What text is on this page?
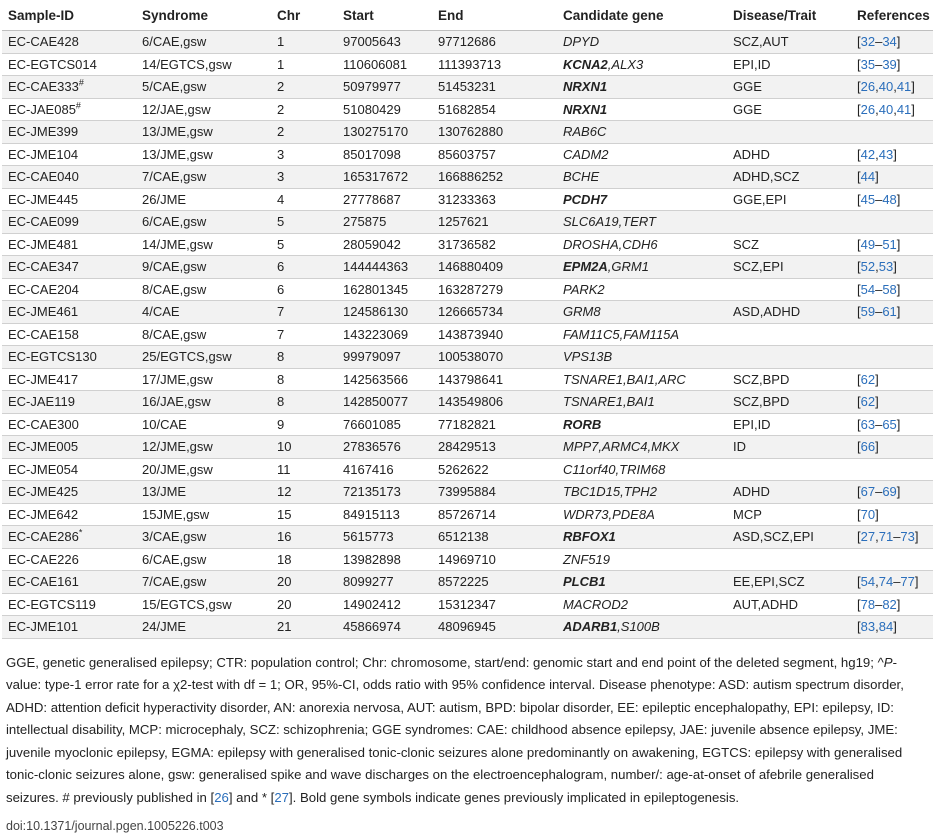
Sample-ID	Syndrome	Chr	Start	End	Candidate gene	Disease/Trait	References
EC-CAE428	6/CAE,gsw	1	97005643	97712686	DPYD	SCZ,AUT	[32–34]
EC-EGTCS014	14/EGTCS,gsw	1	110606081	111393713	KCNA2,ALX3	EPI,ID	[35–39]
EC-CAE333#	5/CAE,gsw	2	50979977	51453231	NRXN1	GGE	[26,40,41]
EC-JAE085#	12/JAE,gsw	2	51080429	51682854	NRXN1	GGE	[26,40,41]
EC-JME399	13/JME,gsw	2	130275170	130762880	RAB6C		
EC-JME104	13/JME,gsw	3	85017098	85603757	CADM2	ADHD	[42,43]
EC-CAE040	7/CAE,gsw	3	165317672	166886252	BCHE	ADHD,SCZ	[44]
EC-JME445	26/JME	4	27778687	31233363	PCDH7	GGE,EPI	[45–48]
EC-CAE099	6/CAE,gsw	5	275875	1257621	SLC6A19,TERT		
EC-JME481	14/JME,gsw	5	28059042	31736582	DROSHA,CDH6	SCZ	[49–51]
EC-CAE347	9/CAE,gsw	6	144444363	146880409	EPM2A,GRM1	SCZ,EPI	[52,53]
EC-CAE204	8/CAE,gsw	6	162801345	163287279	PARK2		[54–58]
EC-JME461	4/CAE	7	124586130	126665734	GRM8	ASD,ADHD	[59–61]
EC-CAE158	8/CAE,gsw	7	143223069	143873940	FAM11C5,FAM115A		
EC-EGTCS130	25/EGTCS,gsw	8	99979097	100538070	VPS13B		
EC-JME417	17/JME,gsw	8	142563566	143798641	TSNARE1,BAI1,ARC	SCZ,BPD	[62]
EC-JAE119	16/JAE,gsw	8	142850077	143549806	TSNARE1,BAI1	SCZ,BPD	[62]
EC-CAE300	10/CAE	9	76601085	77182821	RORB	EPI,ID	[63–65]
EC-JME005	12/JME,gsw	10	27836576	28429513	MPP7,ARMC4,MKX	ID	[66]
EC-JME054	20/JME,gsw	11	4167416	5262622	C11orf40,TRIM68		
EC-JME425	13/JME	12	72135173	73995884	TBC1D15,TPH2	ADHD	[67–69]
EC-JME642	15JME,gsw	15	84915113	85726714	WDR73,PDE8A	MCP	[70]
EC-CAE286*	3/CAE,gsw	16	5615773	6512138	RBFOX1	ASD,SCZ,EPI	[27,71–73]
EC-CAE226	6/CAE,gsw	18	13982898	14969710	ZNF519		
EC-CAE161	7/CAE,gsw	20	8099277	8572225	PLCB1	EE,EPI,SCZ	[54,74–77]
EC-EGTCS119	15/EGTCS,gsw	20	14902412	15312347	MACROD2	AUT,ADHD	[78–82]
EC-JME101	24/JME	21	45866974	48096945	ADARB1,S100B		[83,84]
GGE, genetic generalised epilepsy; CTR: population control; Chr: chromosome, start/end: genomic start and end point of the deleted segment, hg19; ^P-value: type-1 error rate for a χ2-test with df = 1; OR, 95%-CI, odds ratio with 95% confidence interval. Disease phenotype: ASD: autism spectrum disorder, ADHD: attention deficit hyperactivity disorder, AN: anorexia nervosa, AUT: autism, BPD: bipolar disorder, EE: epileptic encephalopathy, EPI: epilepsy, ID: intellectual disability, MCP: microcephaly, SCZ: schizophrenia; GGE syndromes: CAE: childhood absence epilepsy, JAE: juvenile absence epilepsy, JME: juvenile myoclonic epilepsy, EGMA: epilepsy with generalised tonic-clonic seizures alone predominantly on awakening, EGTCS: epilepsy with generalised tonic-clonic seizures alone, gsw: generalised spike and wave discharges on the electroencephalogram, number/: age-at-onset of afebrile generalised seizures. # previously published in [26] and * [27]. Bold gene symbols indicate genes previously implicated in epileptogenesis.
doi:10.1371/journal.pgen.1005226.t003
